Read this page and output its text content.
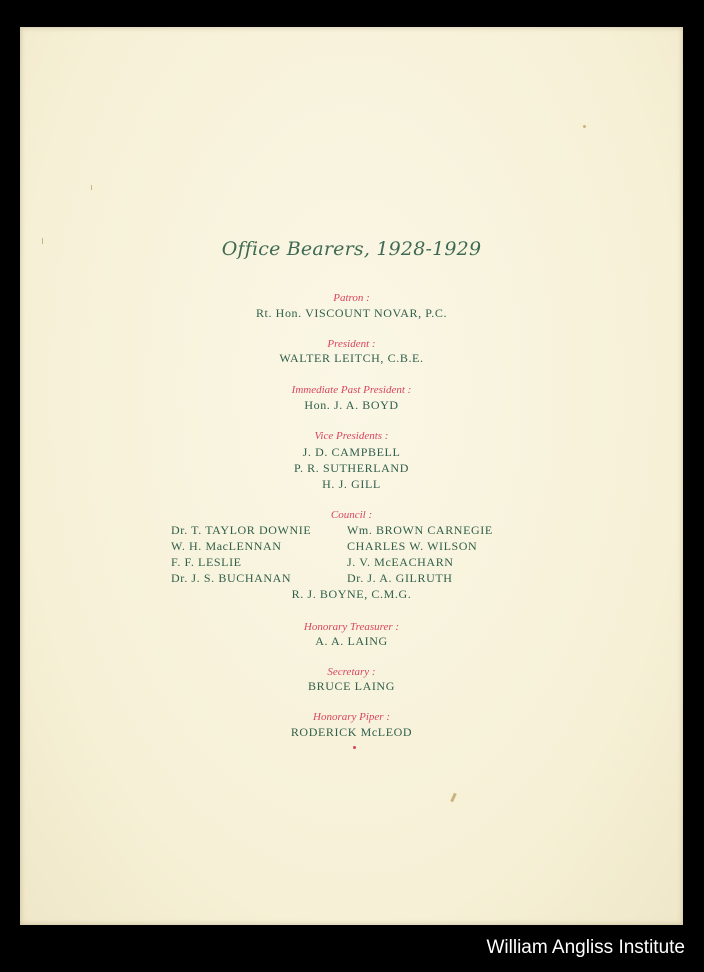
Office Bearers, 1928-1929
Patron :
Rt. Hon. VISCOUNT NOVAR, P.C.
President :
WALTER LEITCH, C.B.E.
Immediate Past President :
Hon. J. A. BOYD
Vice Presidents :
J. D. CAMPBELL
P. R. SUTHERLAND
H. J. GILL
Council :
Dr. T. TAYLOR DOWNIE
W. H. MacLENNAN
F. F. LESLIE
Dr. J. S. BUCHANAN
Wm. BROWN CARNEGIE
CHARLES W. WILSON
J. V. McEACHARN
Dr. J. A. GILRUTH
R. J. BOYNE, C.M.G.
Honorary Treasurer :
A. A. LAING
Secretary :
BRUCE LAING
Honorary Piper :
RODERICK McLEOD
William Angliss Institute
